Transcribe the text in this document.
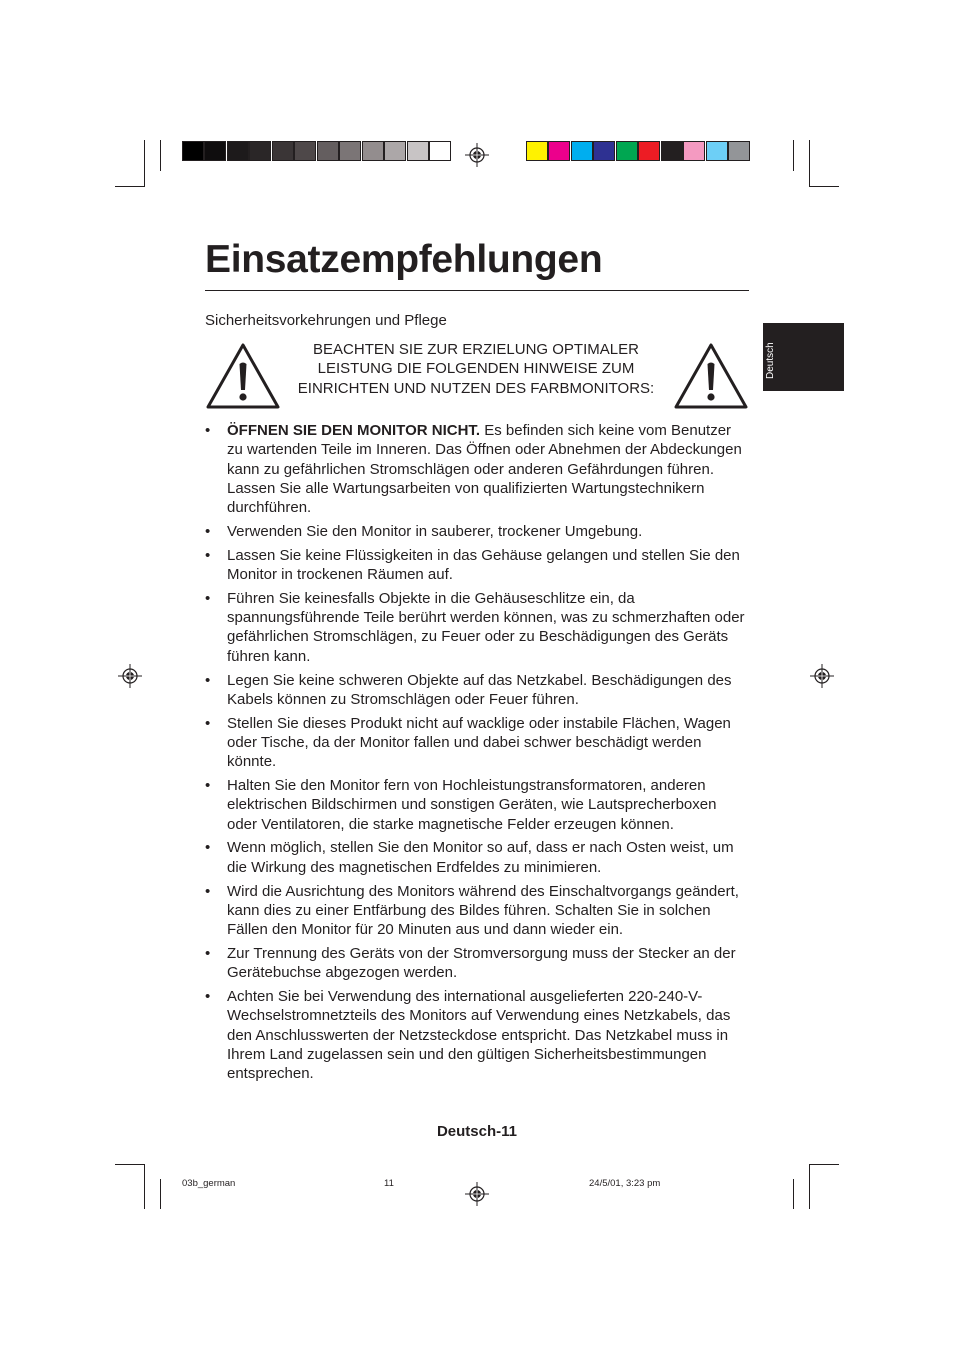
Deutsch
Einsatzempfehlungen
Sicherheitsvorkehrungen und Pflege
BEACHTEN SIE ZUR ERZIELUNG OPTIMALER LEISTUNG DIE FOLGENDEN HINWEISE ZUM EINRICHTEN UND NUTZEN DES FARBMONITORS:
• ÖFFNEN SIE DEN MONITOR NICHT. Es befinden sich keine vom Benutzer zu wartenden Teile im Inneren. Das Öffnen oder Abnehmen der Abdeckungen kann zu gefährlichen Stromschlägen oder anderen Gefährdungen führen. Lassen Sie alle Wartungsarbeiten von qualifizierten Wartungstechnikern durchführen.
• Verwenden Sie den Monitor in sauberer, trockener Umgebung.
• Lassen Sie keine Flüssigkeiten in das Gehäuse gelangen und stellen Sie den Monitor in trockenen Räumen auf.
• Führen Sie keinesfalls Objekte in die Gehäuseschlitze ein, da spannungsführende Teile berührt werden können, was zu schmerzhaften oder gefährlichen Stromschlägen, zu Feuer oder zu Beschädigungen des Geräts führen kann.
• Legen Sie keine schweren Objekte auf das Netzkabel. Beschädigungen des Kabels können zu Stromschlägen oder Feuer führen.
• Stellen Sie dieses Produkt nicht auf wacklige oder instabile Flächen, Wagen oder Tische, da der Monitor fallen und dabei schwer beschädigt werden könnte.
• Halten Sie den Monitor fern von Hochleistungstransformatoren, anderen elektrischen Bildschirmen und sonstigen Geräten, wie Lautsprecherboxen oder Ventilatoren, die starke magnetische Felder erzeugen können.
• Wenn möglich, stellen Sie den Monitor so auf, dass er nach Osten weist, um die Wirkung des magnetischen Erdfeldes zu minimieren.
• Wird die Ausrichtung des Monitors während des Einschaltvorgangs geändert, kann dies zu einer Entfärbung des Bildes führen. Schalten Sie in solchen Fällen den Monitor für 20 Minuten aus und dann wieder ein.
• Zur Trennung des Geräts von der Stromversorgung muss der Stecker an der Gerätebuchse abgezogen werden.
• Achten Sie bei Verwendung des international ausgelieferten 220-240-V-Wechselstromnetzteils des Monitors auf Verwendung eines Netzkabels, das den Anschlusswerten der Netzsteckdose entspricht. Das Netzkabel muss in Ihrem Land zugelassen sein und den gültigen Sicherheitsbestimmungen entsprechen.
Deutsch-11
03b_german	11	24/5/01, 3:23 pm
